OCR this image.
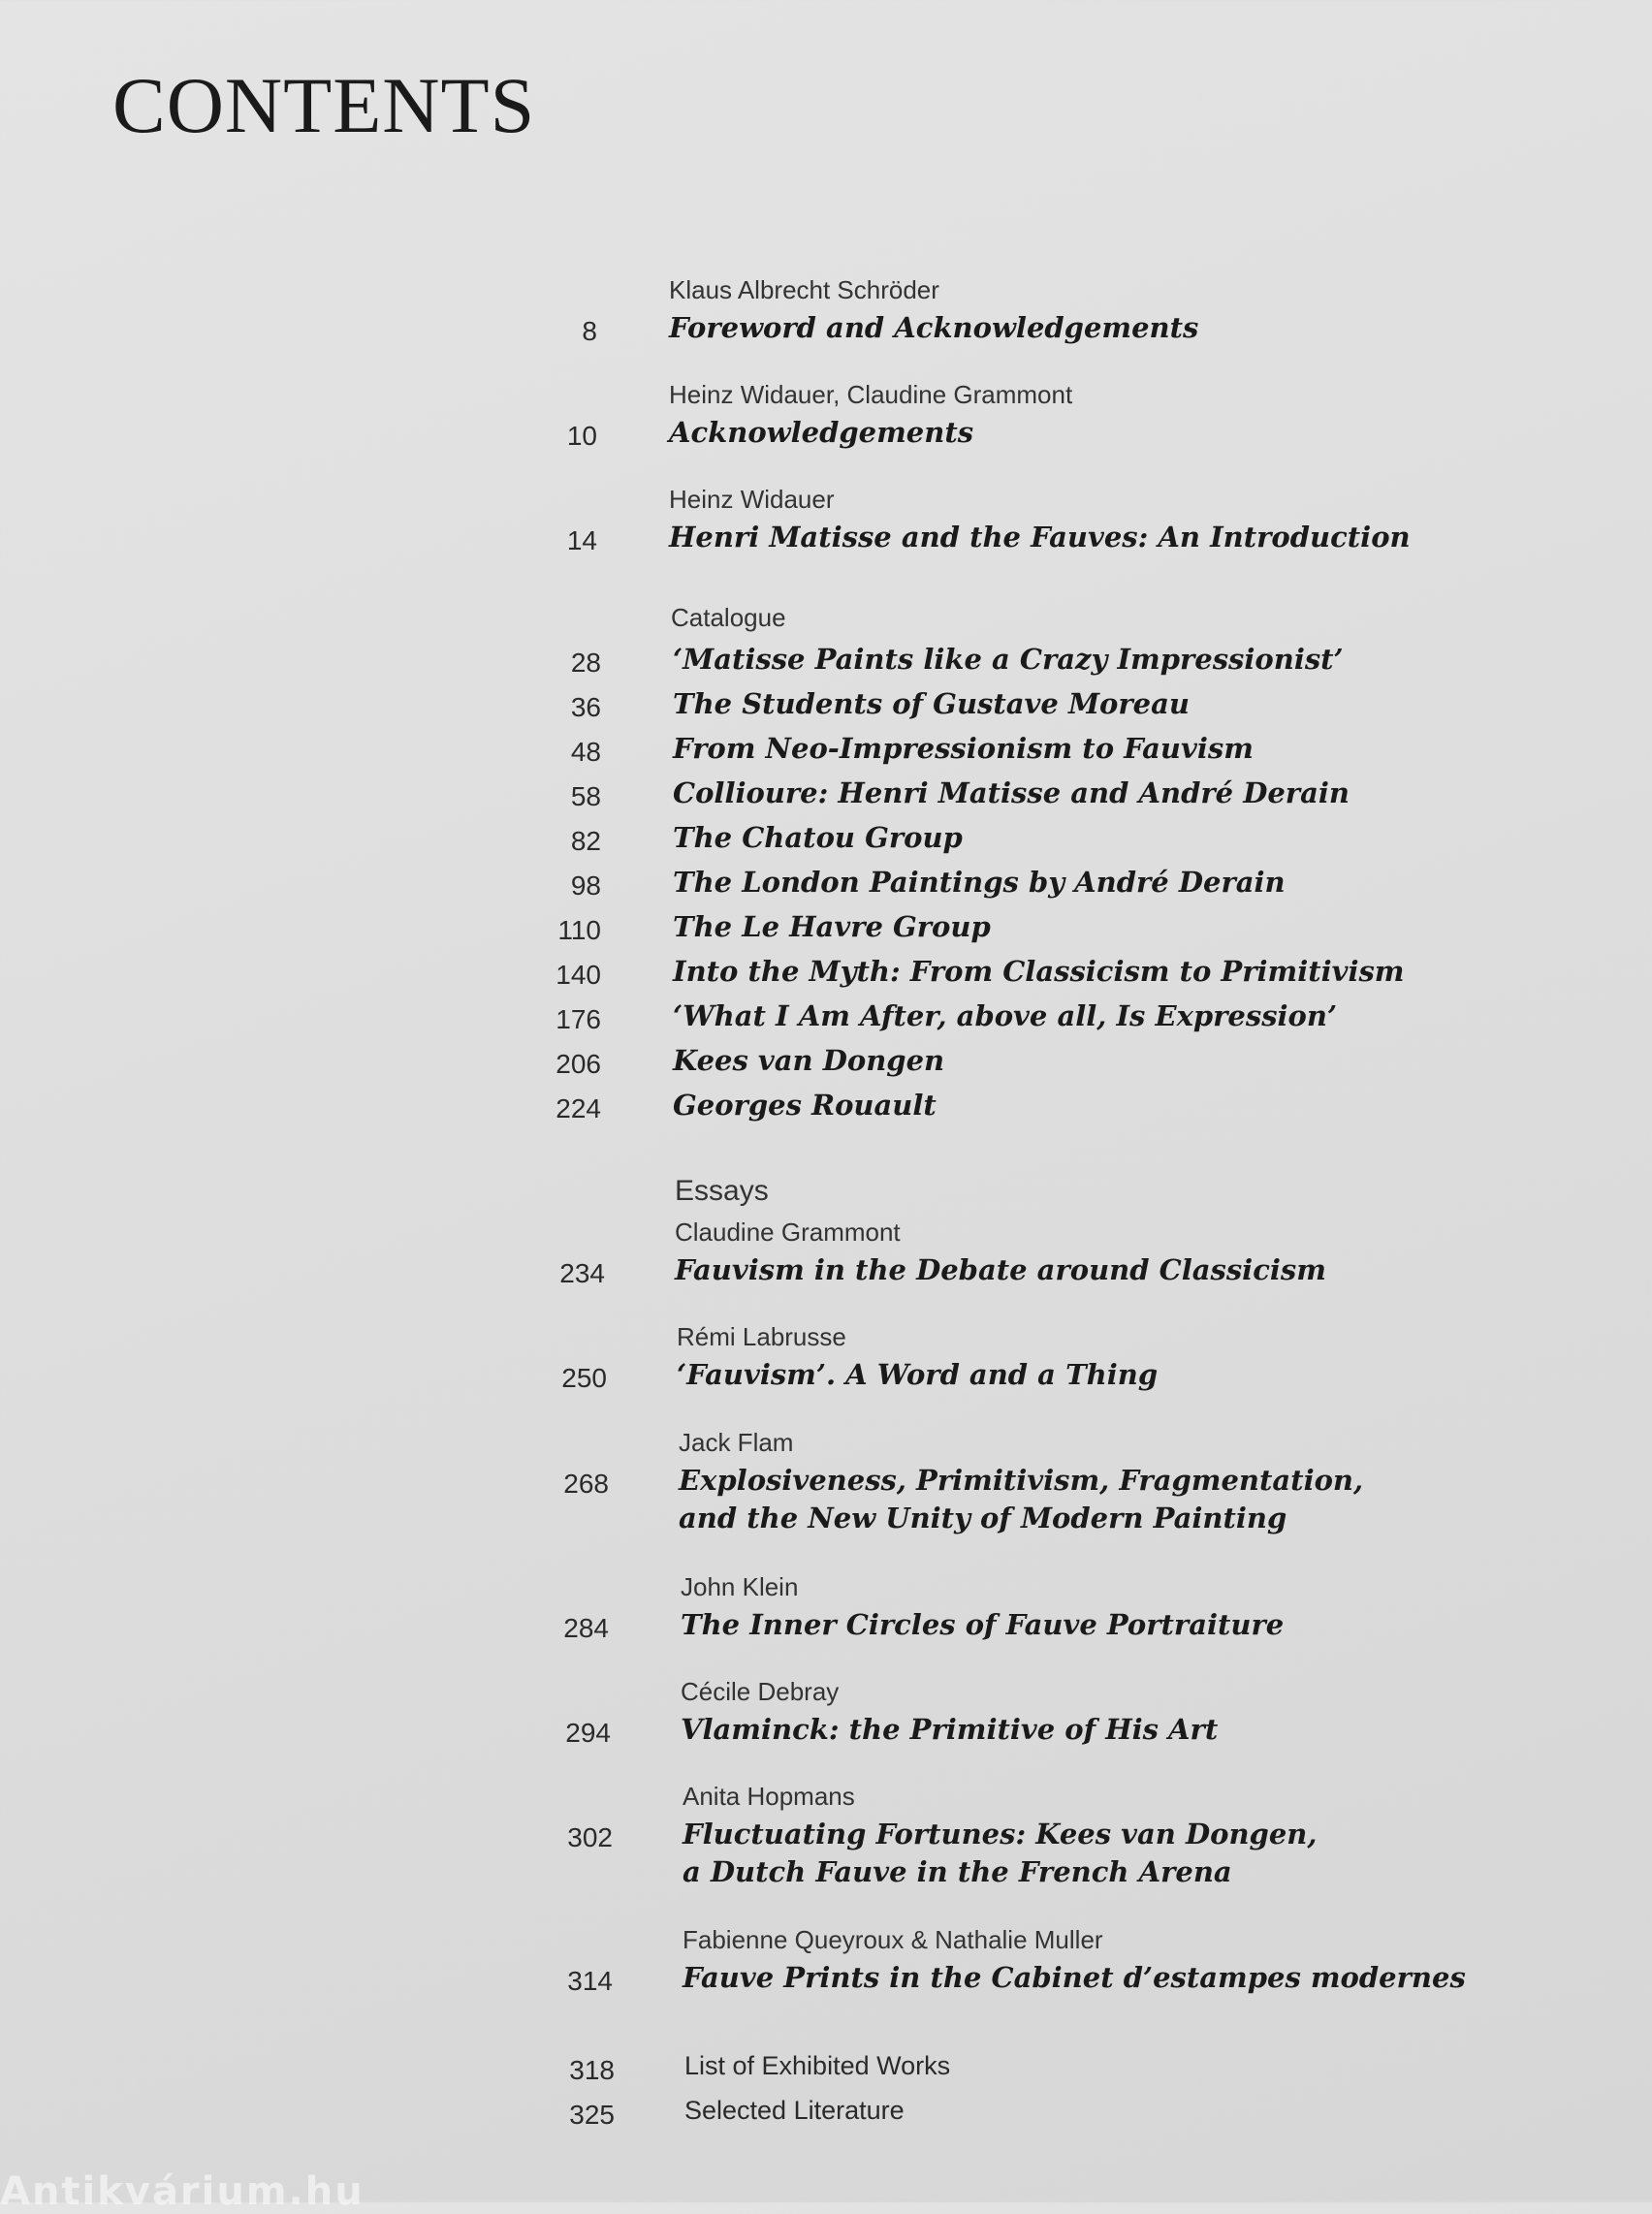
CONTENTS
Klaus Albrecht Schröder
8	Foreword and Acknowledgements
Heinz Widauer, Claudine Grammont
10	Acknowledgements
Heinz Widauer
14	Henri Matisse and the Fauves: An Introduction
Catalogue
28	‘Matisse Paints like a Crazy Impressionist’
36	The Students of Gustave Moreau
48	From Neo-Impressionism to Fauvism
58	Collioure: Henri Matisse and André Derain
82	The Chatou Group
98	The London Paintings by André Derain
110	The Le Havre Group
140	Into the Myth: From Classicism to Primitivism
176	‘What I Am After, above all, Is Expression’
206	Kees van Dongen
224	Georges Rouault
Essays
Claudine Grammont
234 Fauvism in the Debate around Classicism
Rémi Labrusse
250 ‘Fauvism’. A Word and a Thing
Jack Flam
268 Explosiveness, Primitivism, Fragmentation,
and the New Unity of Modern Painting
John Klein
284	The Inner Circles of Fauve Portraiture
Cécile Debray
294 Vlaminck: the Primitive of His Art
Anita Hopmans
302 Fluctuating Fortunes: Kees van Dongen,
a Dutch Fauve in the French Arena
Fabienne Queyroux & Nathalie Muller
314 Fauve Prints in the Cabinet d’estampes modernes
318	List of Exhibited Works
325	Selected Literature
Antikvárium.hu
